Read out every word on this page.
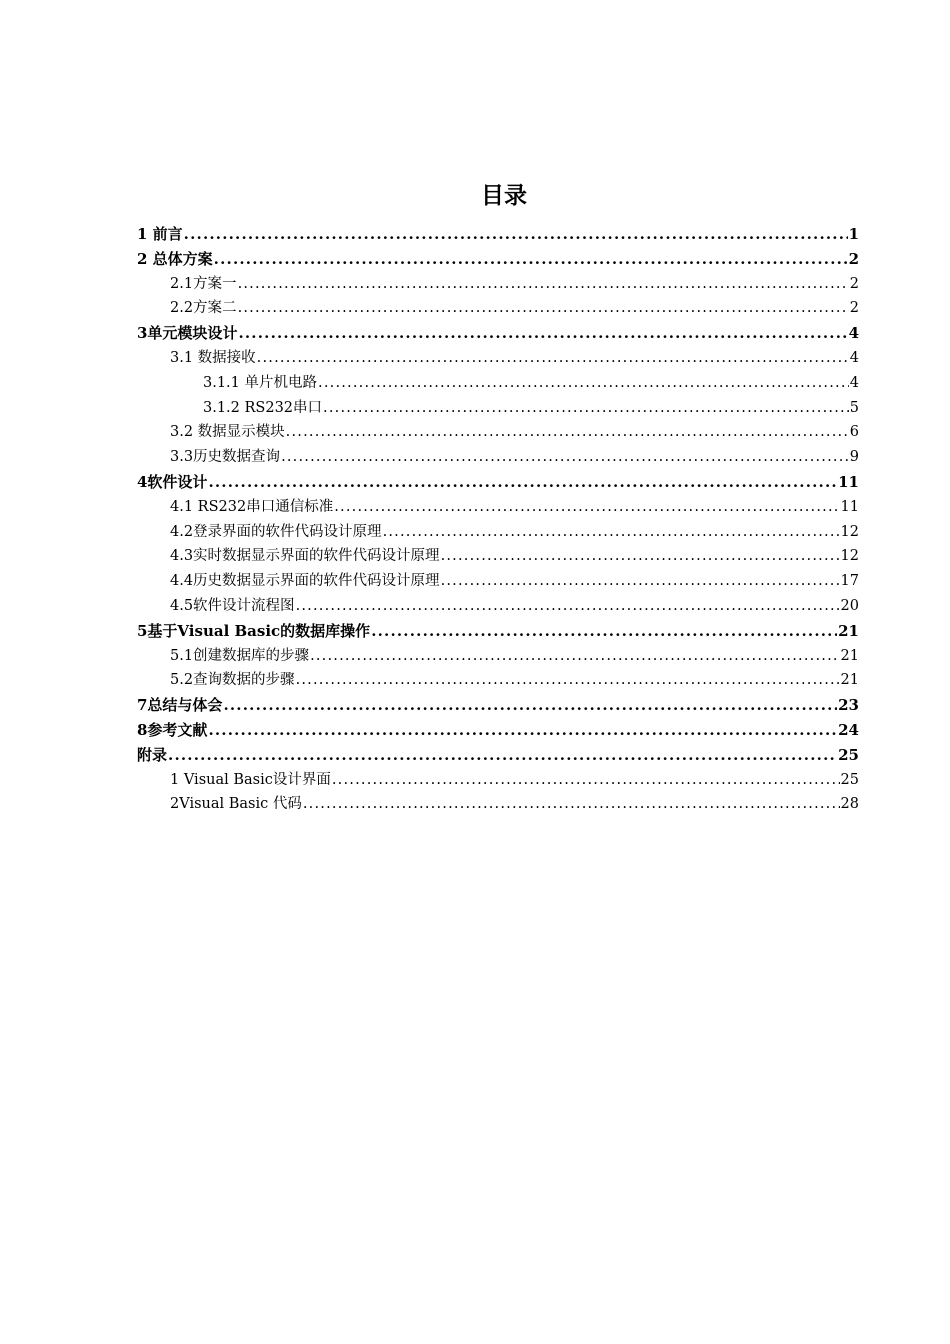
目录
1 前言 .....	1
2 总体方案 .....	2
2.1方案一 .....	2
2.2方案二 .....	2
3单元模块设计 .....	4
3.1 数据接收 .....	4
3.1.1 单片机电路 .....	4
3.1.2 RS232串口 .....	5
3.2 数据显示模块 .....	6
3.3历史数据查询 .....	9
4软件设计 .....	11
4.1 RS232串口通信标准 .....	11
4.2登录界面的软件代码设计原理 .....	12
4.3实时数据显示界面的软件代码设计原理 .....	12
4.4历史数据显示界面的软件代码设计原理 .....	17
4.5软件设计流程图 .....	20
5基于Visual Basic的数据库操作 .....	21
5.1创建数据库的步骤 .....	21
5.2查询数据的步骤 .....	21
7总结与体会 .....	23
8参考文献 .....	24
附录 .....	25
1 Visual Basic设计界面 .....	25
2Visual Basic 代码 .....	28
